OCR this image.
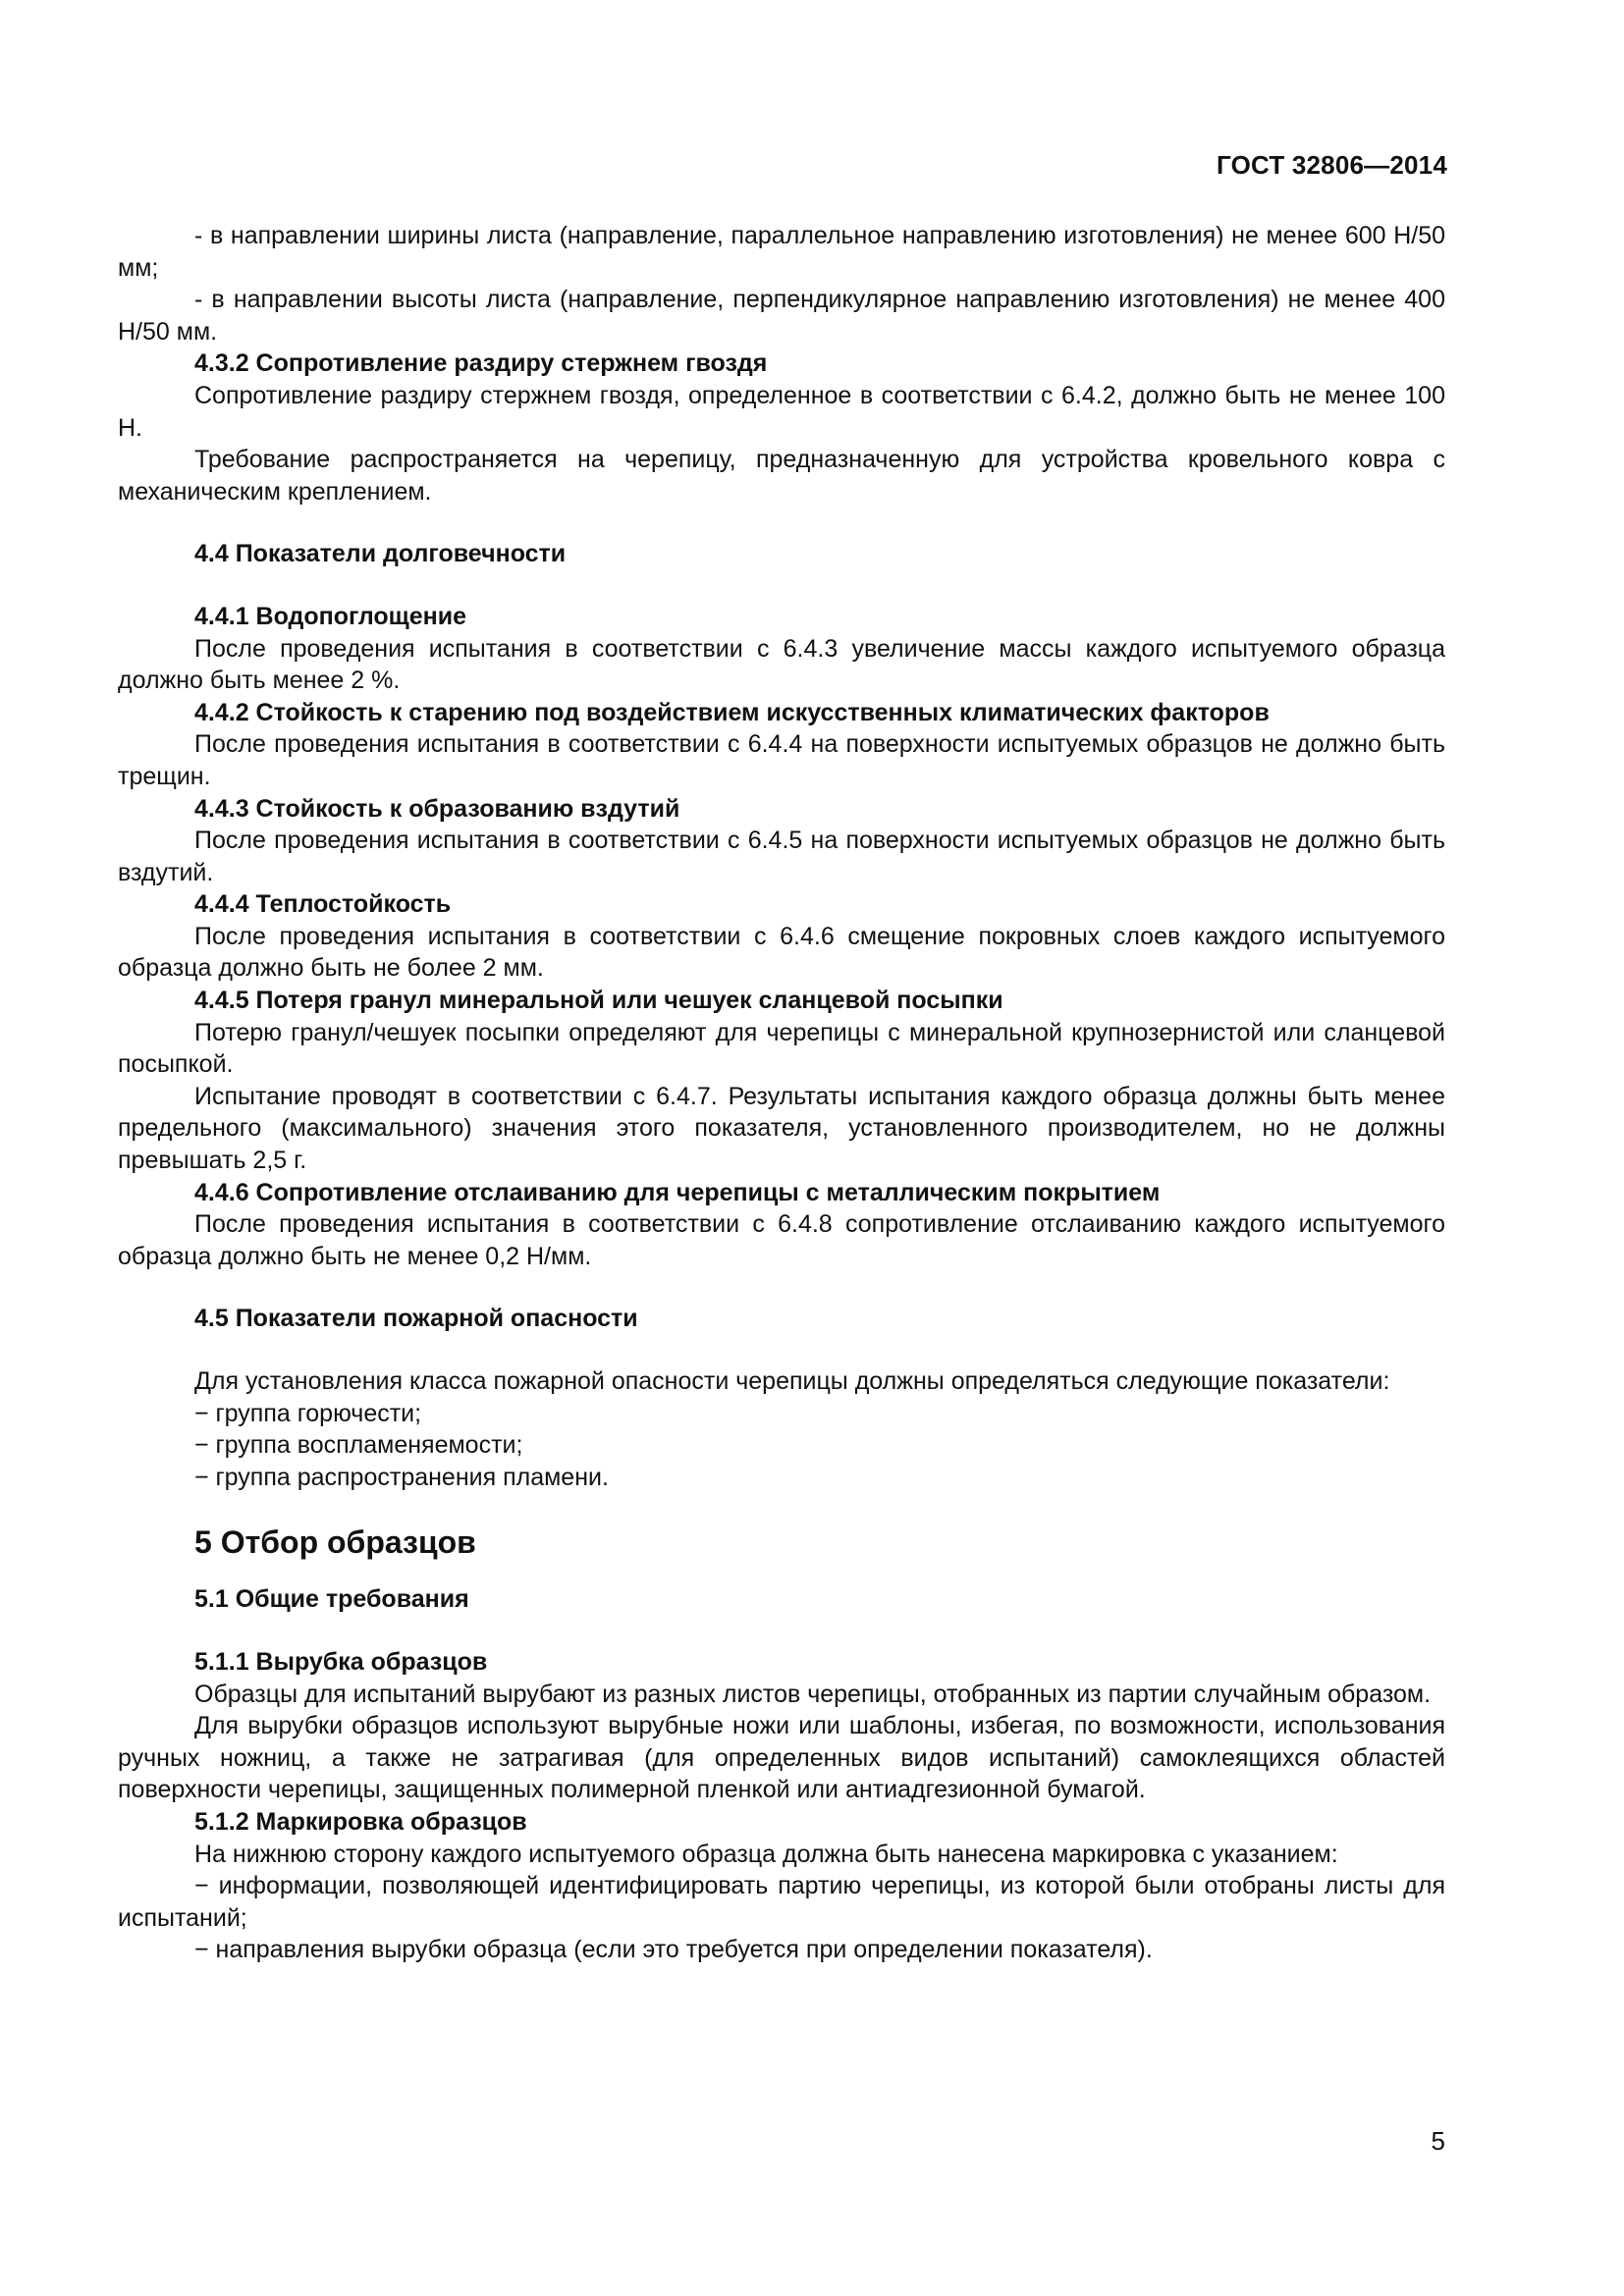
ГОСТ 32806—2014

- в направлении ширины листа (направление, параллельное направлению изготовления) не менее 600 Н/50 мм;

- в направлении высоты листа (направление, перпендикулярное направлению изготовления) не менее 400 Н/50 мм.

4.3.2 Сопротивление раздиру стержнем гвоздя

Сопротивление раздиру стержнем гвоздя, определенное в соответствии с 6.4.2, должно быть не менее 100 Н.

Требование распространяется на черепицу, предназначенную для устройства кровельного ковра с механическим креплением.

4.4 Показатели долговечности

4.4.1 Водопоглощение

После проведения испытания в соответствии с 6.4.3 увеличение массы каждого испытуемого образца должно быть менее 2 %.

4.4.2 Стойкость к старению под воздействием искусственных климатических факторов

После проведения испытания в соответствии с 6.4.4 на поверхности испытуемых образцов не должно быть трещин.

4.4.3 Стойкость к образованию вздутий

После проведения испытания в соответствии с 6.4.5 на поверхности испытуемых образцов не должно быть вздутий.

4.4.4 Теплостойкость

После проведения испытания в соответствии с 6.4.6 смещение покровных слоев каждого испытуемого образца должно быть не более 2 мм.

4.4.5 Потеря гранул минеральной или чешуек сланцевой посыпки

Потерю гранул/чешуек посыпки определяют для черепицы с минеральной крупнозернистой или сланцевой посыпкой.

Испытание проводят в соответствии с 6.4.7. Результаты испытания каждого образца должны быть менее предельного (максимального) значения этого показателя, установленного производителем, но не должны превышать 2,5 г.

4.4.6 Сопротивление отслаиванию для черепицы с металлическим покрытием

После проведения испытания в соответствии с 6.4.8 сопротивление отслаиванию каждого испытуемого образца должно быть не менее 0,2 Н/мм.

4.5 Показатели пожарной опасности

Для установления класса пожарной опасности черепицы должны определяться следующие показатели:

− группа горючести;

− группа воспламеняемости;

− группа распространения пламени.

5 Отбор образцов

5.1 Общие требования

5.1.1 Вырубка образцов

Образцы для испытаний вырубают из разных листов черепицы, отобранных из партии случайным образом.

Для вырубки образцов используют вырубные ножи или шаблоны, избегая, по возможности, использования ручных ножниц, а также не затрагивая (для определенных видов испытаний) самоклеящихся областей поверхности черепицы, защищенных полимерной пленкой или антиадгезионной бумагой.

5.1.2 Маркировка образцов

На нижнюю сторону каждого испытуемого образца должна быть нанесена маркировка с указанием:

− информации, позволяющей идентифицировать партию черепицы, из которой были отобраны листы для испытаний;

− направления вырубки образца (если это требуется при определении показателя).

5
